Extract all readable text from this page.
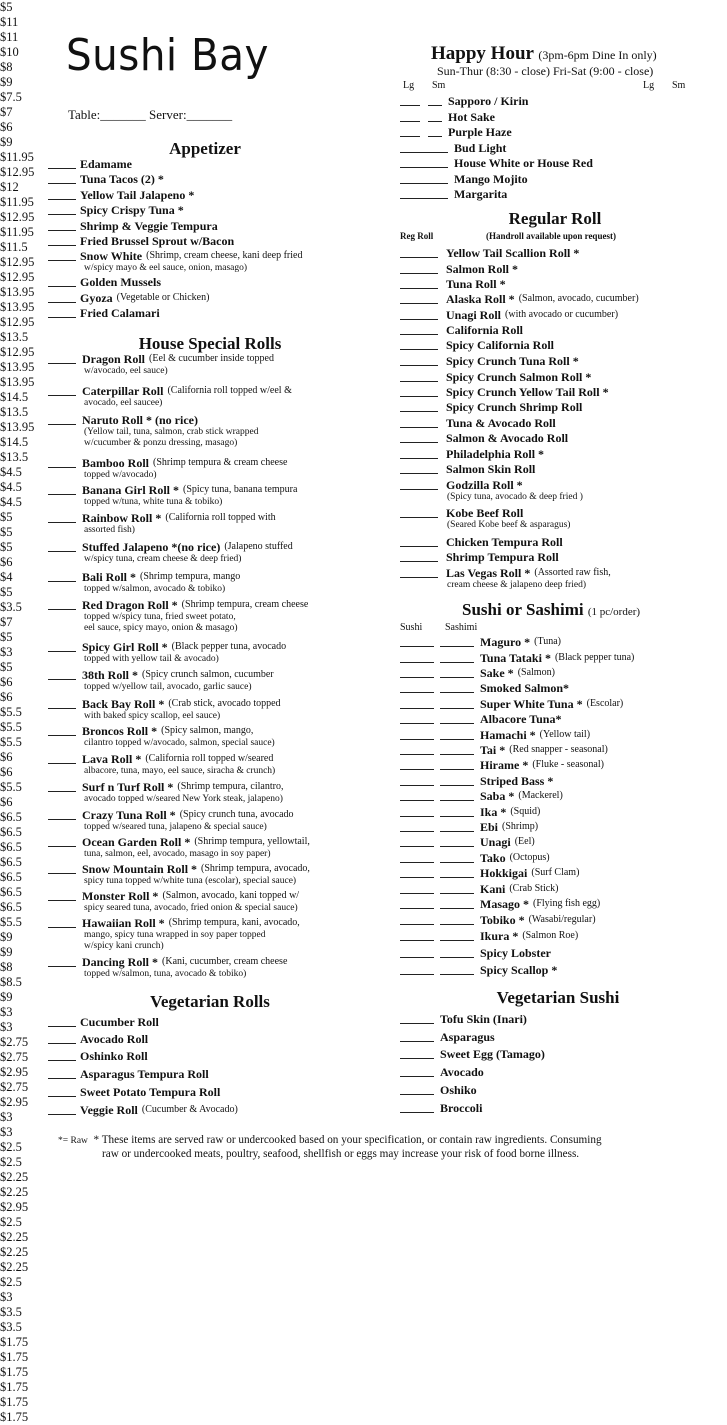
Sushi Bay
Table:_______ Server:_______
Appetizer
Edamame
$5
Tuna Tacos (2) *
$11
Yellow Tail Jalapeno *
$11
Spicy Crispy Tuna *
$10
Shrimp & Veggie Tempura
$8
Fried Brussel Sprout w/Bacon
$9
Snow White (Shrimp, cream cheese, kani deep fried
w/spicy mayo & eel sauce, onion, masago)
$7.5
Golden Mussels
$7
Gyoza (Vegetable or Chicken)
$6
Fried Calamari
$9
House Special Rolls
Dragon Roll (Eel & cucumber inside topped
w/avocado, eel sauce)
$11.95
Caterpillar Roll (California roll topped w/eel &
avocado, eel saucee)
$12.95
Naruto Roll * (no rice)
(Yellow tail, tuna, salmon, crab stick wrapped
w/cucumber & ponzu dressing, masago)
$12
Bamboo Roll (Shrimp tempura & cream cheese
topped w/avocado)
$11.95
Banana Girl Roll * (Spicy tuna, banana tempura
topped w/tuna, white tuna & tobiko)
$12.95
Rainbow Roll * (California roll topped with
assorted fish)
$11.95
Stuffed Jalapeno *(no rice) (Jalapeno stuffed
w/spicy tuna, cream cheese & deep fried)
$11.5
Bali Roll * (Shrimp tempura, mango
topped w/salmon, avocado & tobiko)
$12.95
Red Dragon Roll * (Shrimp tempura, cream cheese
topped w/spicy tuna, fried sweet potato,
eel sauce, spicy mayo, onion & masago)
$12.95
Spicy Girl Roll * (Black pepper tuna, avocado
topped with yellow tail & avocado)
$13.95
38th Roll * (Spicy crunch salmon, cucumber
topped w/yellow tail, avocado, garlic sauce)
$13.95
Back Bay Roll * (Crab stick, avocado topped
with baked spicy scallop, eel sauce)
$12.95
Broncos Roll * (Spicy salmon, mango,
cilantro topped w/avocado, salmon, special sauce)
$13.5
Lava Roll * (California roll topped w/seared
albacore, tuna, mayo, eel sauce, siracha & crunch)
$12.95
Surf n Turf Roll * (Shrimp tempura, cilantro,
avocado topped w/seared New York steak, jalapeno)
$13.95
Crazy Tuna Roll * (Spicy crunch tuna, avocado
topped w/seared tuna, jalapeno & special sauce)
$13.95
Ocean Garden Roll * (Shrimp tempura, yellowtail,
tuna, salmon, eel, avocado, masago in soy paper)
$14.5
Snow Mountain Roll * (Shrimp tempura, avocado,
spicy tuna topped w/white tuna (escolar), special sauce)
$13.5
Monster Roll * (Salmon, avocado, kani topped w/
spicy seared tuna, avocado, fried onion & special sauce)
$13.95
Hawaiian Roll * (Shrimp tempura, kani, avocado,
mango, spicy tuna wrapped in soy paper topped
w/spicy kani crunch)
$14.5
Dancing Roll * (Kani, cucumber, cream cheese
topped w/salmon, tuna, avocado & tobiko)
$13.5
Vegetarian Rolls
Cucumber Roll
$4.5
Avocado Roll
$4.5
Oshinko Roll
$4.5
Asparagus Tempura Roll
$5
Sweet Potato Tempura Roll
$5
Veggie Roll (Cucumber & Avocado)
$5
Happy Hour (3pm-6pm Dine In only)
Sun-Thur (8:30 - close) Fri-Sat (9:00 - close)
Lg Sm	Lg Sm
Sapporo / Kirin
$6
$4
Hot Sake
$5
$3.5
Purple Haze
$7
$5
Bud Light
$3
House White or House Red
$5
Mango Mojito
$6
Margarita
$6
Regular Roll
Reg Roll	(Handroll available upon request)
Yellow Tail Scallion Roll *
$5.5
Salmon Roll *
$5.5
Tuna Roll *
$5.5
Alaska Roll * (Salmon, avocado, cucumber)
$6
Unagi Roll (with avocado or cucumber)
$6
California Roll
$5.5
Spicy California Roll
$6
Spicy Crunch Tuna Roll *
$6.5
Spicy Crunch Salmon Roll *
$6.5
Spicy Crunch Yellow Tail Roll *
$6.5
Spicy Crunch Shrimp Roll
$6.5
Tuna & Avocado Roll
$6.5
Salmon & Avocado Roll
$6.5
Philadelphia Roll *
$6.5
Salmon Skin Roll
$5.5
Godzilla Roll *
(Spicy tuna, avocado & deep fried )
$9
Kobe Beef Roll
(Seared Kobe beef & asparagus)
$9
Chicken Tempura Roll
$8
Shrimp Tempura Roll
$8.5
Las Vegas Roll * (Assorted raw fish,
cream cheese & jalapeno deep fried)
$9
Sushi or Sashimi (1 pc/order)
Sushi Sashimi
Maguro * (Tuna)
$3
Tuna Tataki * (Black pepper tuna)
$3
Sake * (Salmon)
$2.75
Smoked Salmon*
$2.75
Super White Tuna * (Escolar)
$2.95
Albacore Tuna*
$2.75
Hamachi * (Yellow tail)
$2.95
Tai * (Red snapper - seasonal)
$3
Hirame * (Fluke - seasonal)
$3
Striped Bass *
$2.5
Saba * (Mackerel)
$2.5
Ika * (Squid)
$2.25
Ebi (Shrimp)
$2.25
Unagi (Eel)
$2.95
Tako (Octopus)
$2.5
Hokkigai (Surf Clam)
$2.25
Kani (Crab Stick)
$2.25
Masago * (Flying fish egg)
$2.25
Tobiko * (Wasabi/regular)
$2.5
Ikura * (Salmon Roe)
$3
Spicy Lobster
$3.5
Spicy Scallop *
$3.5
Vegetarian Sushi
Tofu Skin (Inari)
$1.75
Asparagus
$1.75
Sweet Egg (Tamago)
$1.75
Avocado
$1.75
Oshiko
$1.75
Broccoli
$1.75
*= Raw * These items are served raw or undercooked based on your specification, or contain raw ingredients. Consuming
raw or undercooked meats, poultry, seafood, shellfish or eggs may increase your risk of food borne illness.
